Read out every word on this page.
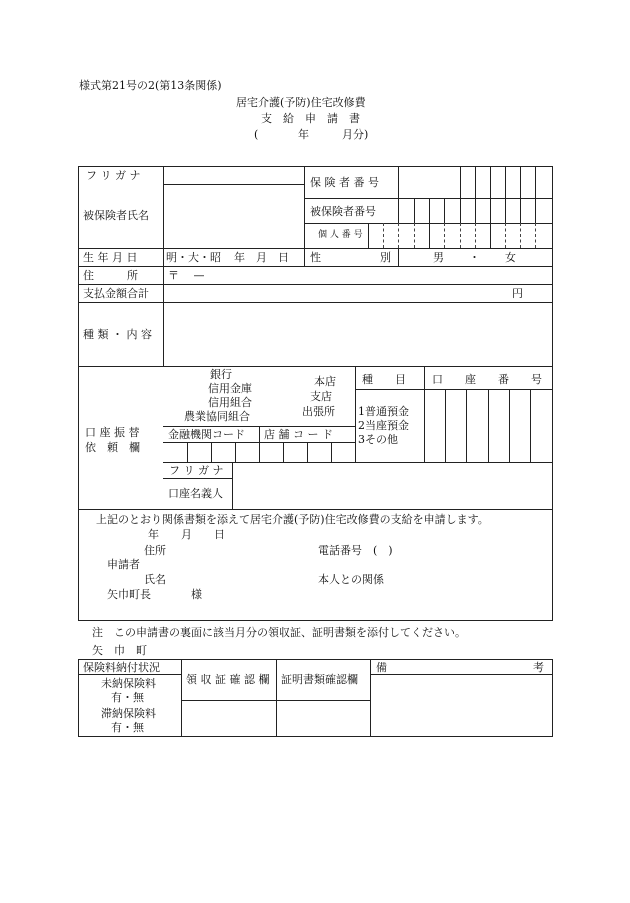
様式第21号の2(第13条関係)
居宅介護(予防)住宅改修費
支　給　申　請　書
(	年	月分)
フ リ ガ ナ
被保険者氏名
保 険 者 番 号
被保険者番号
個 人 番 号
生 年 月 日	明・大・昭 年　月　日 性	別	男 ・ 女
住　　　所	〒　 —
支払金額合計	円
種 類 ・ 内 容
口 座 振 替
依　頼　欄
銀行
信用金庫
信用組合
農業協同組合
本店
支店
出張所
種　　目 口　　座　　番　　号
1普通預金
2当座預金
3その他
金融機関コード 店 舗 コ ー ド
フ リ ガ ナ
口座名義人
上記のとおり関係書類を添えて居宅介護(予防)住宅改修費の支給を申請します。
年 月 日
住所	電話番号　(　)
申請者
氏名	本人との関係
矢巾町長	様
注　この申請書の裏面に該当月分の領収証、証明書類を添付してください。
矢　巾　町
保険料納付状況
未納保険料
有・無
滞納保険料
有・無
領 収 証 確 認 欄 証明書類確認欄
備	考
